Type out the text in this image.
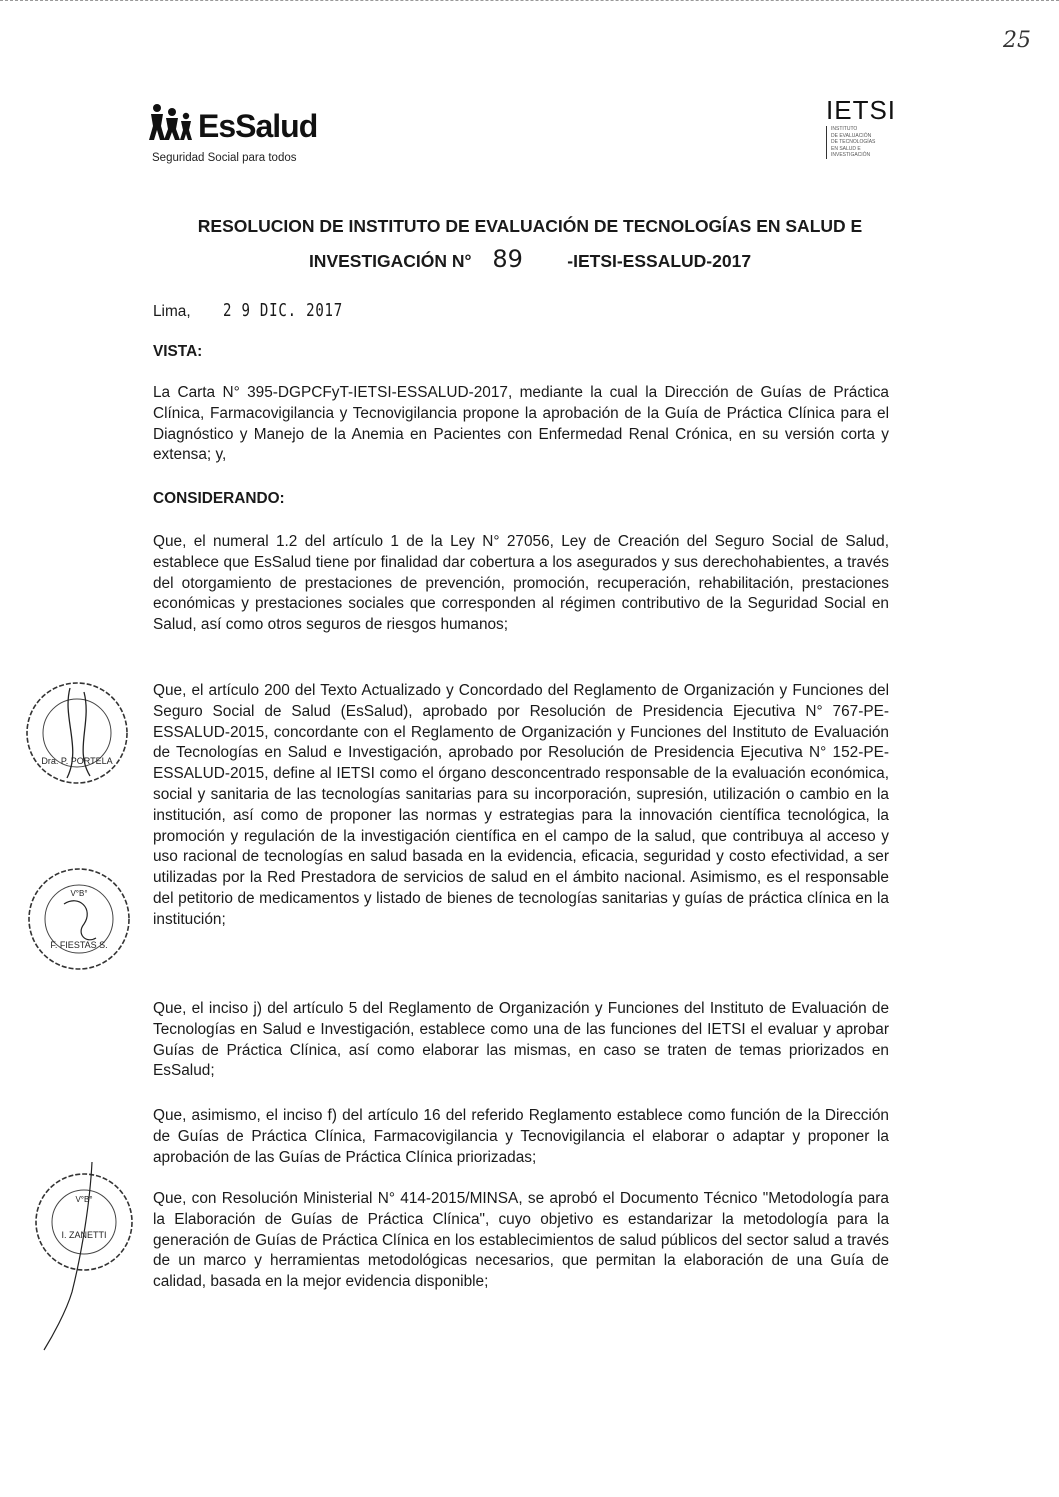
25
EsSalud
Seguridad Social para todos
IETSI
INSTITUTO
DE EVALUACIÓN
DE TECNOLOGÍAS
EN SALUD E
INVESTIGACIÓN
RESOLUCION DE INSTITUTO DE EVALUACIÓN DE TECNOLOGÍAS EN SALUD E
INVESTIGACIÓN N° 89	-IETSI-ESSALUD-2017
Lima, 2 9 DIC. 2017
VISTA:

La Carta N° 395-DGPCFyT-IETSI-ESSALUD-2017, mediante la cual la Dirección de Guías de Práctica Clínica, Farmacovigilancia y Tecnovigilancia propone la aprobación de la Guía de Práctica Clínica para el Diagnóstico y Manejo de la Anemia en Pacientes con Enfermedad Renal Crónica, en su versión corta y extensa; y,

CONSIDERANDO:

Que, el numeral 1.2 del artículo 1 de la Ley N° 27056, Ley de Creación del Seguro Social de Salud, establece que EsSalud tiene por finalidad dar cobertura a los asegurados y sus derechohabientes, a través del otorgamiento de prestaciones de prevención, promoción, recuperación, rehabilitación, prestaciones económicas y prestaciones sociales que corresponden al régimen contributivo de la Seguridad Social en Salud, así como otros seguros de riesgos humanos;

Que, el artículo 200 del Texto Actualizado y Concordado del Reglamento de Organización y Funciones del Seguro Social de Salud (EsSalud), aprobado por Resolución de Presidencia Ejecutiva N° 767-PE-ESSALUD-2015, concordante con el Reglamento de Organización y Funciones del Instituto de Evaluación de Tecnologías en Salud e Investigación, aprobado por Resolución de Presidencia Ejecutiva N° 152-PE-ESSALUD-2015, define al IETSI como el órgano desconcentrado responsable de la evaluación económica, social y sanitaria de las tecnologías sanitarias para su incorporación, supresión, utilización o cambio en la institución, así como de proponer las normas y estrategias para la innovación científica tecnológica, la promoción y regulación de la investigación científica en el campo de la salud, que contribuya al acceso y uso racional de tecnologías en salud basada en la evidencia, eficacia, seguridad y costo efectividad, a ser utilizadas por la Red Prestadora de servicios de salud en el ámbito nacional. Asimismo, es el responsable del petitorio de medicamentos y listado de bienes de tecnologías sanitarias y guías de práctica clínica en la institución;

Que, el inciso j) del artículo 5 del Reglamento de Organización y Funciones del Instituto de Evaluación de Tecnologías en Salud e Investigación, establece como una de las funciones del IETSI el evaluar y aprobar Guías de Práctica Clínica, así como elaborar las mismas, en caso se traten de temas priorizados en EsSalud;

Que, asimismo, el inciso f) del artículo 16 del referido Reglamento establece como función de la Dirección de Guías de Práctica Clínica, Farmacovigilancia y Tecnovigilancia el elaborar o adaptar y proponer la aprobación de las Guías de Práctica Clínica priorizadas;

Que, con Resolución Ministerial N° 414-2015/MINSA, se aprobó el Documento Técnico "Metodología para la Elaboración de Guías de Práctica Clínica", cuyo objetivo es estandarizar la metodología para la generación de Guías de Práctica Clínica en los establecimientos de salud públicos del sector salud a través de un marco y herramientas metodológicas necesarios, que permitan la elaboración de una Guía de calidad, basada en la mejor evidencia disponible;

Dra. P. PORTELA
V°B°
F. FIESTAS S.
V°B°
I. ZANETTI
